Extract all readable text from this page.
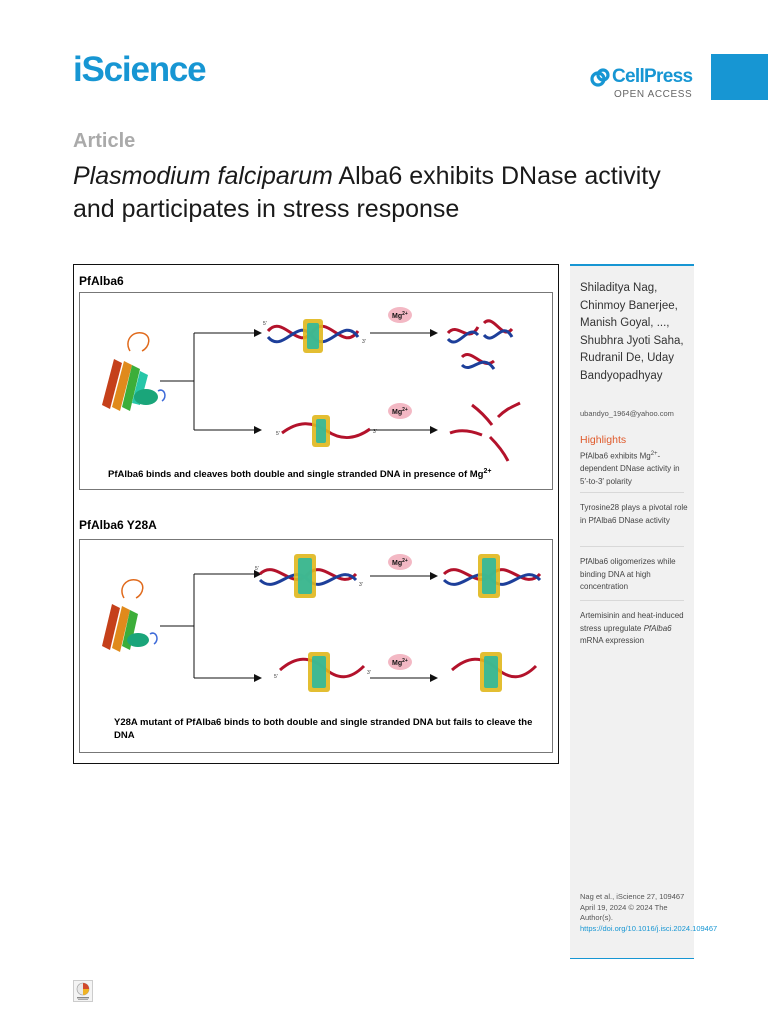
iScience	CellPress
OPEN ACCESS
Article
Plasmodium falciparum Alba6 exhibits DNase activity and participates in stress response
PfAlba6
5'
3'
$Mg^{2+}$
5'	3'
$Mg^{2+}$
PfAlba6 binds and cleaves both double and single stranded DNA in presence of $Mg^{2+}$
PfAlba6 Y28A
5'
3'
$Mg^{2+}$
5'
3'
$Mg^{2+}$
Y28A mutant of PfAlba6 binds to both double and single stranded DNA but fails to cleave the DNA

Shiladitya Nag, Chinmoy Banerjee, Manish Goyal, ..., Shubhra Jyoti Saha, Rudranil De, Uday Bandyopadhyay

ubandyo_1964@yahoo.com
Highlights

PfAlba6 exhibits $Mg^{2+}$-dependent DNase activity in 5′-to-3′ polarity

Tyrosine28 plays a pivotal role in PfAlba6 DNase activity

PfAlba6 oligomerizes while binding DNA at high concentration

Artemisinin and heat-induced stress upregulate PfAlba6 mRNA expression

Nag et al., iScience 27, 109467 April 19, 2024 © 2024 The Author(s).
https://doi.org/10.1016/j.isci.2024.109467
